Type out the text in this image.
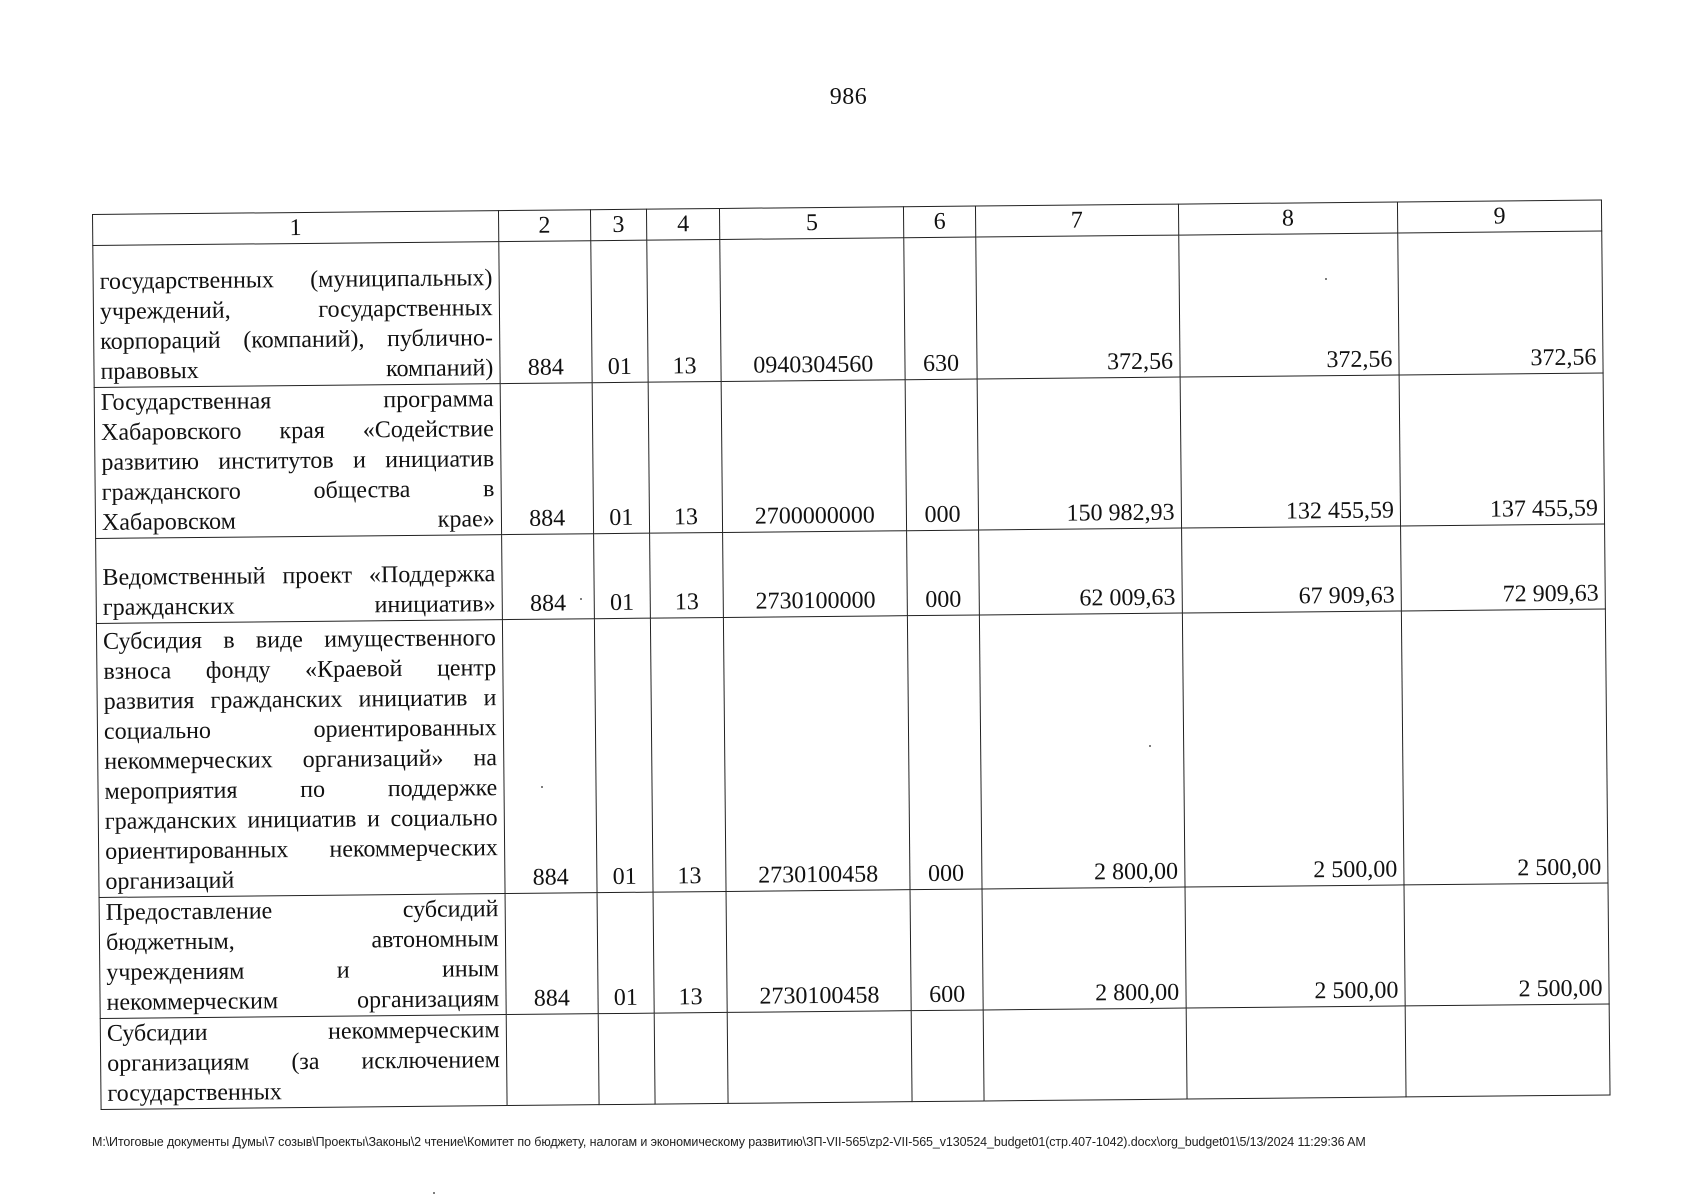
986
1	2	3	4	5	6	7	8	9
государственных (муниципальных) учреждений, государственных корпораций (компаний), публично-правовых компаний)	884	01	13	0940304560	630	372,56	372,56	372,56
Государственная программа Хабаровского края «Содействие развитию институтов и инициатив гражданского общества в Хабаровском крае»	884	01	13	2700000000	000	150 982,93	132 455,59	137 455,59
Ведомственный проект «Поддержка гражданских инициатив»	884	01	13	2730100000	000	62 009,63	67 909,63	72 909,63
Субсидия в виде имущественного взноса фонду «Краевой центр развития гражданских инициатив и социально ориентированных некоммерческих организаций» на мероприятия по поддержке гражданских инициатив и социально ориентированных некоммерческих организаций	884	01	13	2730100458	000	2 800,00	2 500,00	2 500,00
Предоставление субсидий бюджетным, автономным учреждениям и иным некоммерческим организациям	884	01	13	2730100458	600	2 800,00	2 500,00	2 500,00
Субсидии некоммерческим организациям (за исключением государственных								
М:\Итоговые документы Думы\7 созыв\Проекты\Законы\2 чтение\Комитет по бюджету, налогам и экономическому развитию\ЗП-VII-565\zp2-VII-565_v130524_budget01(стр.407-1042).docx\org_budget01\5/13/2024 11:29:36 AM
